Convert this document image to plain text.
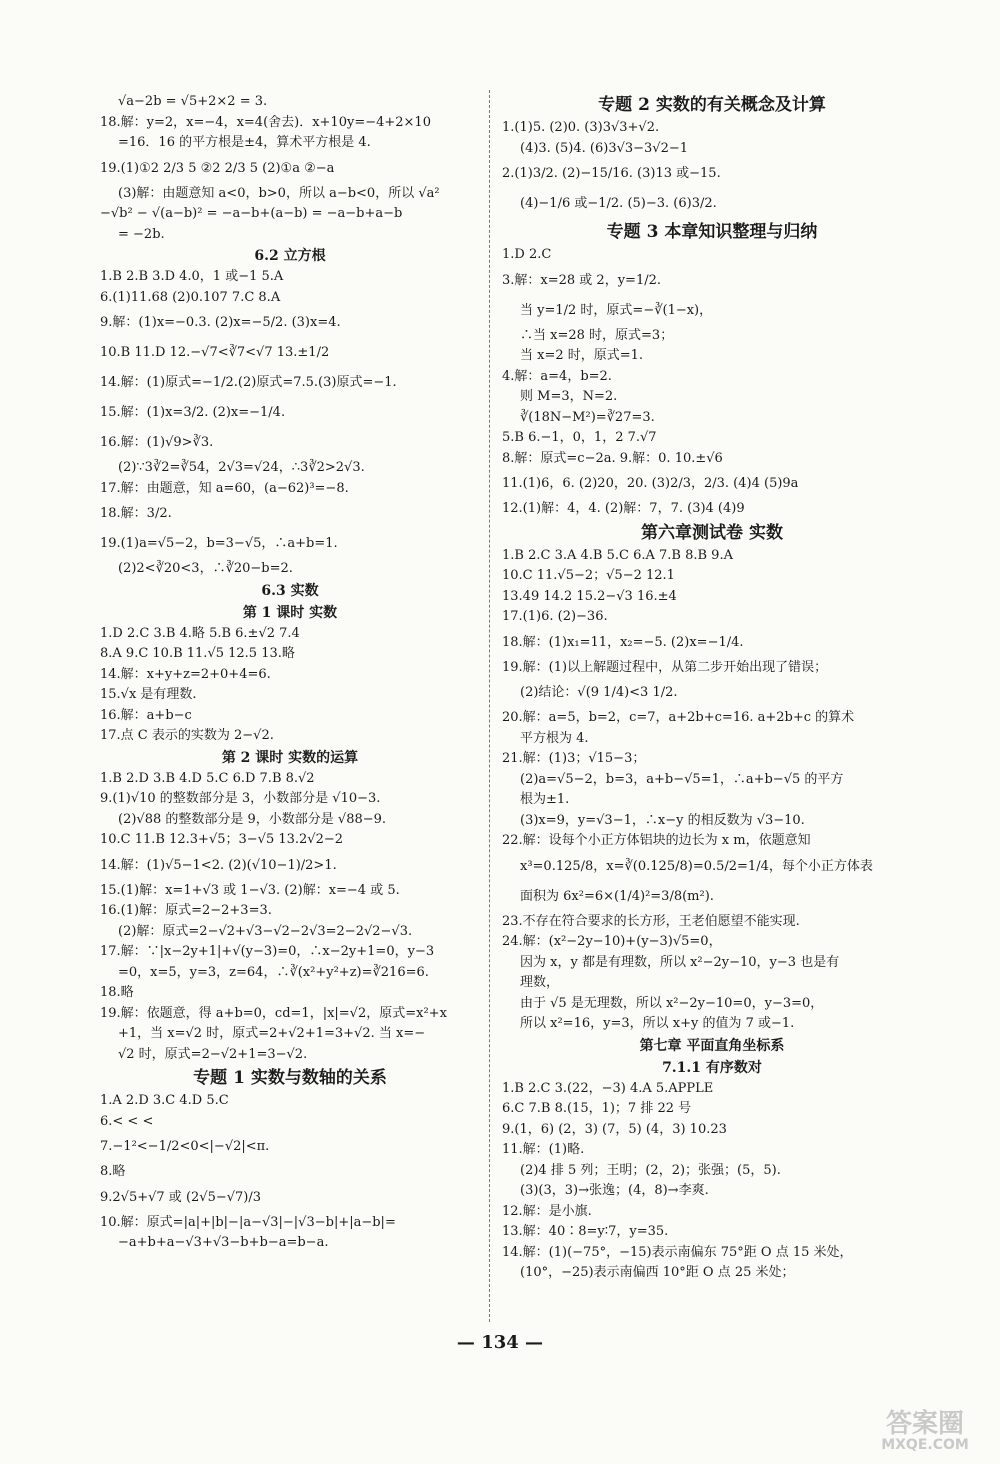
√a−2b = √5+2×2 = 3.
18.解：y=2，x=−4，x=4(舍去)．x+10y=−4+2×10
=16．16 的平方根是±4，算术平方根是 4.
19.(1)①2 2/3 5 ②2 2/3 5 (2)①a ②−a
(3)解：由题意知 a<0，b>0，所以 a−b<0，所以 √a²
−√b² − √(a−b)² = −a−b+(a−b) = −a−b+a−b
= −2b.
6.2 立方根
1.B 2.B 3.D 4.0，1 或−1 5.A
6.(1)11.68 (2)0.107 7.C 8.A
9.解：(1)x=−0.3. (2)x=−5/2. (3)x=4.
10.B 11.D 12.−√7<∛7<√7 13.±1/2
14.解：(1)原式=−1/2.(2)原式=7.5.(3)原式=−1.
15.解：(1)x=3/2. (2)x=−1/4.
16.解：(1)√9>∛3.
(2)∵3∛2=∛54，2√3=√24，∴3∛2>2√3.
17.解：由题意，知 a=60，(a−62)³=−8.
18.解：3/2.
19.(1)a=√5−2，b=3−√5，∴a+b=1.
(2)2<∛20<3，∴∛20−b=2.
6.3 实数
第 1 课时 实数
1.D 2.C 3.B 4.略 5.B 6.±√2 7.4
8.A 9.C 10.B 11.√5 12.5 13.略
14.解：x+y+z=2+0+4=6.
15.√x 是有理数.
16.解：a+b−c
17.点 C 表示的实数为 2−√2.
第 2 课时 实数的运算
1.B 2.D 3.B 4.D 5.C 6.D 7.B 8.√2
9.(1)√10 的整数部分是 3，小数部分是 √10−3.
(2)√88 的整数部分是 9，小数部分是 √88−9.
10.C 11.B 12.3+√5；3−√5 13.2√2−2
14.解：(1)√5−1<2. (2)(√10−1)/2>1.
15.(1)解：x=1+√3 或 1−√3. (2)解：x=−4 或 5.
16.(1)解：原式=2−2+3=3.
(2)解：原式=2−√2+√3−√2−2√3=2−2√2−√3.
17.解：∵|x−2y+1|+√(y−3)=0，∴x−2y+1=0，y−3
=0，x=5，y=3，z=64，∴∛(x²+y²+z)=∛216=6.
18.略
19.解：依题意，得 a+b=0，cd=1，|x|=√2，原式=x²+x
+1，当 x=√2 时，原式=2+√2+1=3+√2. 当 x=−
√2 时，原式=2−√2+1=3−√2.
专题 1 实数与数轴的关系
1.A 2.D 3.C 4.D 5.C
6.< < <
7.−1²<−1/2<0<|−√2|<π.
8.略
9.2√5+√7 或 (2√5−√7)/3
10.解：原式=|a|+|b|−|a−√3|−|√3−b|+|a−b|=
−a+b+a−√3+√3−b+b−a=b−a.
专题 2 实数的有关概念及计算
1.(1)5. (2)0. (3)3√3+√2.
(4)3. (5)4. (6)3√3−3√2−1
2.(1)3/2. (2)−15/16. (3)13 或−15.
(4)−1/6 或−1/2. (5)−3. (6)3/2.
专题 3 本章知识整理与归纳
1.D 2.C
3.解：x=28 或 2，y=1/2.
当 y=1/2 时，原式=−∛(1−x)，
∴当 x=28 时，原式=3；
当 x=2 时，原式=1.
4.解：a=4，b=2.
则 M=3，N=2.
∛(18N−M²)=∛27=3.
5.B 6.−1，0，1，2 7.√7
8.解：原式=c−2a. 9.解：0. 10.±√6
11.(1)6，6. (2)20，20. (3)2/3，2/3. (4)4 (5)9a
12.(1)解：4，4. (2)解：7，7. (3)4 (4)9
第六章测试卷 实数
1.B 2.C 3.A 4.B 5.C 6.A 7.B 8.B 9.A
10.C 11.√5−2；√5−2 12.1
13.49 14.2 15.2−√3 16.±4
17.(1)6. (2)−36.
18.解：(1)x₁=11，x₂=−5. (2)x=−1/4.
19.解：(1)以上解题过程中，从第二步开始出现了错误；
(2)结论：√(9 1/4)<3 1/2.
20.解：a=5，b=2，c=7，a+2b+c=16. a+2b+c 的算术
平方根为 4.
21.解：(1)3；√15−3；
(2)a=√5−2，b=3，a+b−√5=1，∴a+b−√5 的平方
根为±1.
(3)x=9，y=√3−1，∴x−y 的相反数为 √3−10.
22.解：设每个小正方体铝块的边长为 x m，依题意知
x³=0.125/8，x=∛(0.125/8)=0.5/2=1/4，每个小正方体表
面积为 6x²=6×(1/4)²=3/8(m²).
23.不存在符合要求的长方形，王老伯愿望不能实现.
24.解：(x²−2y−10)+(y−3)√5=0，
因为 x，y 都是有理数，所以 x²−2y−10，y−3 也是有
理数，
由于 √5 是无理数，所以 x²−2y−10=0，y−3=0，
所以 x²=16，y=3，所以 x+y 的值为 7 或−1.
第七章 平面直角坐标系
7.1.1 有序数对
1.B 2.C 3.(22，−3) 4.A 5.APPLE
6.C 7.B 8.(15，1)；7 排 22 号
9.(1，6) (2，3) (7，5) (4，3) 10.23
11.解：(1)略.
(2)4 排 5 列；王明；(2，2)；张强；(5，5).
(3)(3，3)→张逸；(4，8)→李爽.
12.解：是小旗.
13.解：40∶8=y∶7，y=35.
14.解：(1)(−75°，−15)表示南偏东 75°距 O 点 15 米处，
(10°，−25)表示南偏西 10°距 O 点 25 米处；
— 134 —
答案圈
MXQE.COM
